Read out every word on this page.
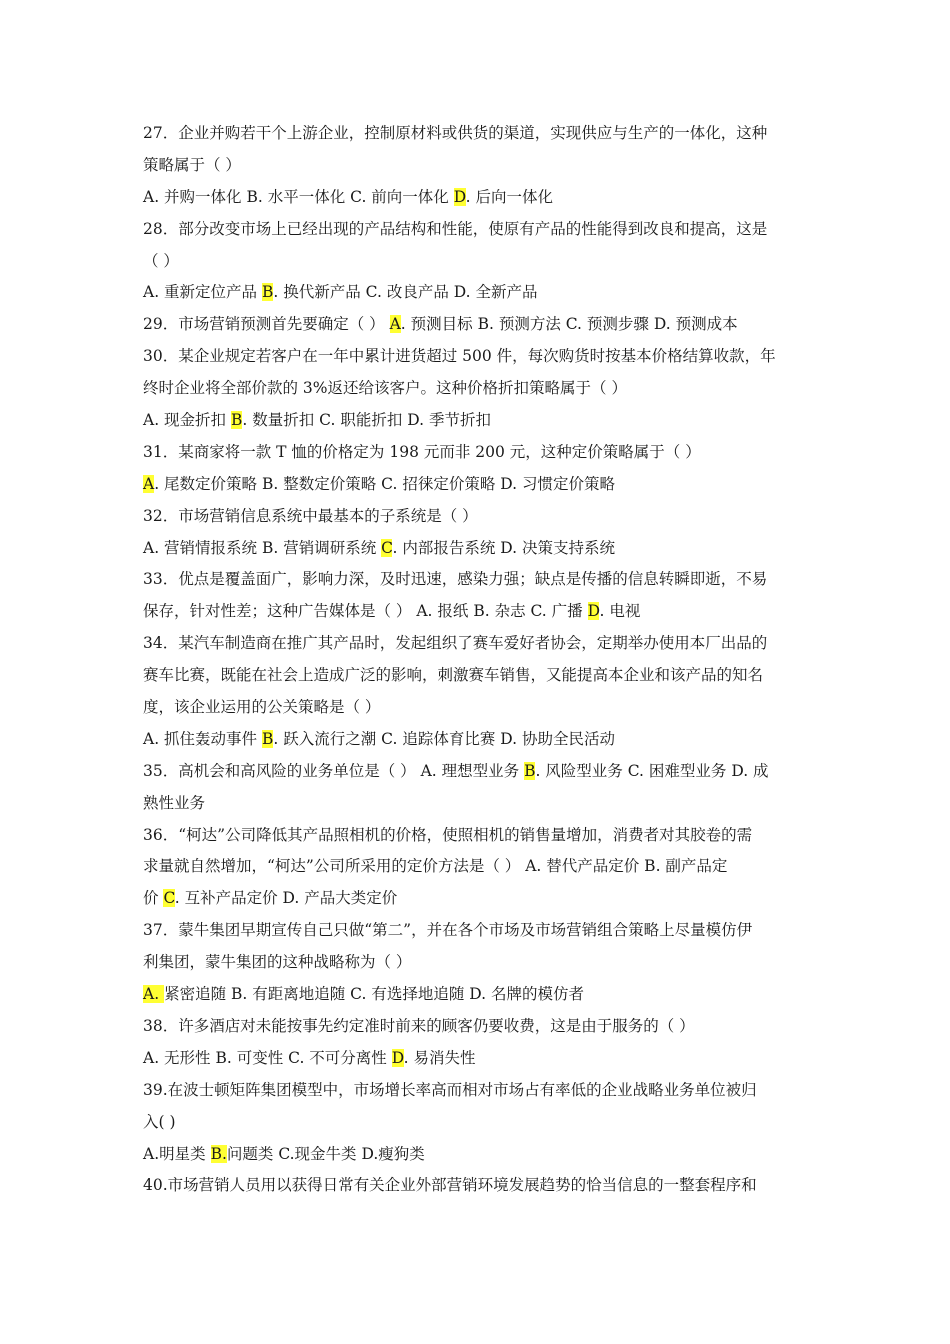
27．企业并购若干个上游企业，控制原材料或供货的渠道，实现供应与生产的一体化，这种
策略属于（ ）
A. 并购一体化 B. 水平一体化 C. 前向一体化 D. 后向一体化
28．部分改变市场上已经出现的产品结构和性能，使原有产品的性能得到改良和提高，这是
（ ）
A. 重新定位产品 B. 换代新产品 C. 改良产品 D. 全新产品
29．市场营销预测首先要确定（ ） A. 预测目标 B. 预测方法 C. 预测步骤 D. 预测成本
30．某企业规定若客户在一年中累计进货超过 500 件，每次购货时按基本价格结算收款，年
终时企业将全部价款的 3%返还给该客户。这种价格折扣策略属于（ ）
A. 现金折扣 B. 数量折扣 C. 职能折扣 D. 季节折扣
31．某商家将一款 T 恤的价格定为 198 元而非 200 元，这种定价策略属于（ ）
A. 尾数定价策略 B. 整数定价策略 C. 招徕定价策略 D. 习惯定价策略
32．市场营销信息系统中最基本的子系统是（ ）
A. 营销情报系统 B. 营销调研系统 C. 内部报告系统 D. 决策支持系统
33．优点是覆盖面广，影响力深，及时迅速，感染力强；缺点是传播的信息转瞬即逝，不易
保存，针对性差；这种广告媒体是（ ） A. 报纸 B. 杂志 C. 广播 D. 电视
34．某汽车制造商在推广其产品时，发起组织了赛车爱好者协会，定期举办使用本厂出品的
赛车比赛，既能在社会上造成广泛的影响，刺激赛车销售，又能提高本企业和该产品的知名
度，该企业运用的公关策略是（ ）
A. 抓住轰动事件 B. 跃入流行之潮 C. 追踪体育比赛 D. 协助全民活动
35．高机会和高风险的业务单位是（ ） A. 理想型业务 B. 风险型业务 C. 困难型业务 D. 成
熟性业务
36．“柯达”公司降低其产品照相机的价格，使照相机的销售量增加，消费者对其胶卷的需
求量就自然增加，“柯达”公司所采用的定价方法是（ ） A. 替代产品定价 B. 副产品定
价 C. 互补产品定价 D. 产品大类定价
37．蒙牛集团早期宣传自己只做“第二”，并在各个市场及市场营销组合策略上尽量模仿伊
利集团，蒙牛集团的这种战略称为（ ）
A. 紧密追随 B. 有距离地追随 C. 有选择地追随 D. 名牌的模仿者
38．许多酒店对未能按事先约定准时前来的顾客仍要收费，这是由于服务的（ ）
A. 无形性 B. 可变性 C. 不可分离性 D. 易消失性
39.在波士顿矩阵集团模型中，市场增长率高而相对市场占有率低的企业战略业务单位被归
入( )
A.明星类 B.问题类 C.现金牛类 D.瘦狗类
40.市场营销人员用以获得日常有关企业外部营销环境发展趋势的恰当信息的一整套程序和
